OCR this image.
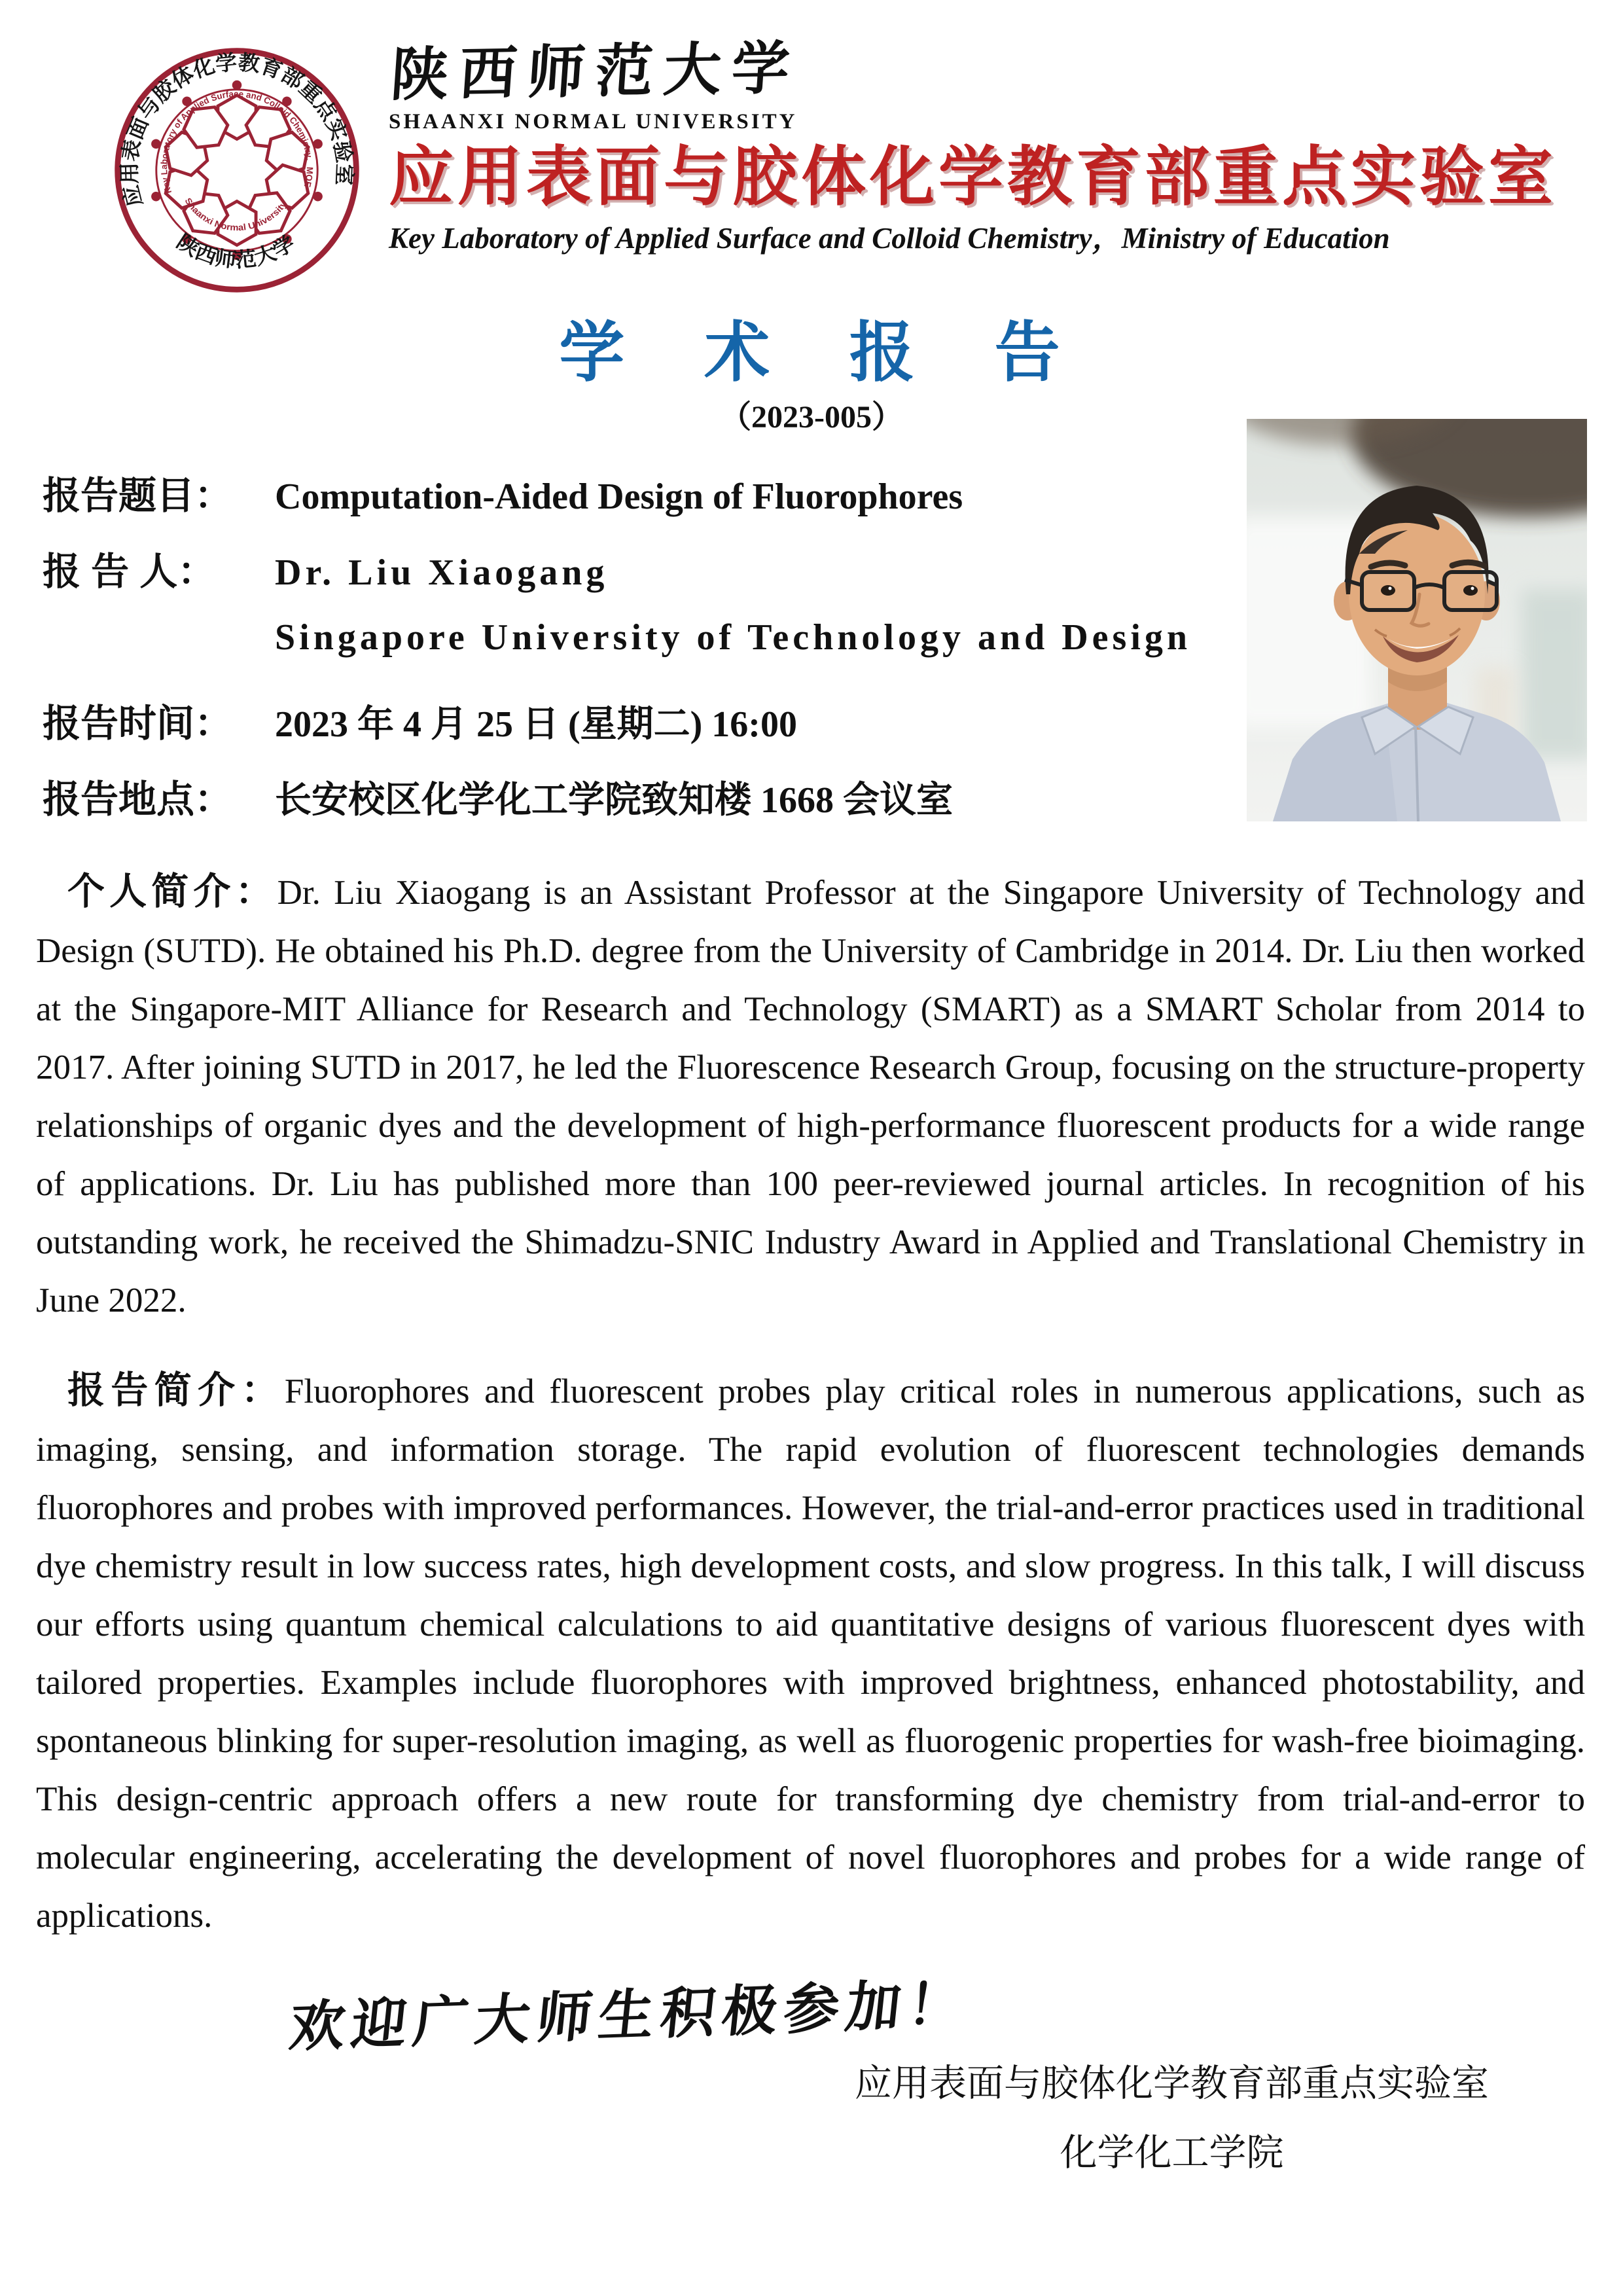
应用表面与胶体化学教育部重点实验室
Key Laboratory of Applied Surface and Colloid Chemistry，MOE
Shaanxi Normal University
陕西师范大学
陕西师范大学
SHAANXI NORMAL UNIVERSITY
应用表面与胶体化学教育部重点实验室
Key Laboratory of Applied Surface and Colloid Chemistry，Ministry of Education
学 术 报 告
（2023-005）
报告题目：	Computation-Aided Design of Fluorophores
报 告 人：	Dr. Liu Xiaogang
Singapore University of Technology and Design
报告时间：	2023 年 4 月 25 日 (星期二) 16:00
报告地点：	长安校区化学化工学院致知楼 1668 会议室
个人简介：Dr. Liu Xiaogang is an Assistant Professor at the Singapore University of Technology and Design (SUTD). He obtained his Ph.D. degree from the University of Cambridge in 2014. Dr. Liu then worked at the Singapore-MIT Alliance for Research and Technology (SMART) as a SMART Scholar from 2014 to 2017. After joining SUTD in 2017, he led the Fluorescence Research Group, focusing on the structure-property relationships of organic dyes and the development of high-performance fluorescent products for a wide range of applications. Dr. Liu has published more than 100 peer-reviewed journal articles. In recognition of his outstanding work, he received the Shimadzu-SNIC Industry Award in Applied and Translational Chemistry in June 2022.
报告简介：Fluorophores and fluorescent probes play critical roles in numerous applications, such as imaging, sensing, and information storage. The rapid evolution of fluorescent technologies demands fluorophores and probes with improved performances. However, the trial-and-error practices used in traditional dye chemistry result in low success rates, high development costs, and slow progress. In this talk, I will discuss our efforts using quantum chemical calculations to aid quantitative designs of various fluorescent dyes with tailored properties. Examples include fluorophores with improved brightness, enhanced photostability, and spontaneous blinking for super-resolution imaging, as well as fluorogenic properties for wash-free bioimaging. This design-centric approach offers a new route for transforming dye chemistry from trial-and-error to molecular engineering, accelerating the development of novel fluorophores and probes for a wide range of applications.
欢迎广大师生积极参加！
应用表面与胶体化学教育部重点实验室
化学化工学院
